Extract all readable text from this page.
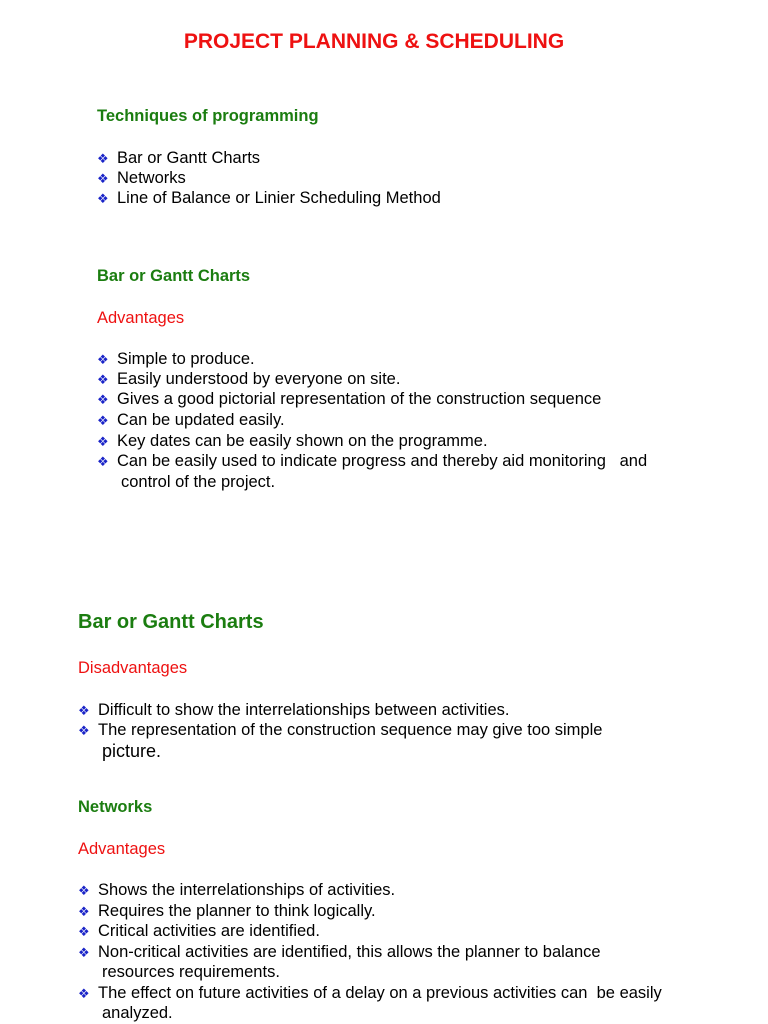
PROJECT PLANNING & SCHEDULING
Techniques of programming
❖ Bar or Gantt Charts
❖ Networks
❖ Line of Balance or Linier Scheduling Method
Bar or Gantt Charts
Advantages
❖ Simple to produce.
❖ Easily understood by everyone on site.
❖ Gives a good pictorial representation of the construction sequence
❖ Can be updated easily.
❖ Key dates can be easily shown on the programme.
❖ Can be easily used to indicate progress and thereby aid monitoring   and
control of the project.
Bar or Gantt Charts
Disadvantages
❖ Difficult to show the interrelationships between activities.
❖ The representation of the construction sequence may give too simple
picture.
Networks
Advantages
❖ Shows the interrelationships of activities.
❖ Requires the planner to think logically.
❖ Critical activities are identified.
❖ Non-critical activities are identified, this allows the planner to balance
resources requirements.
❖ The effect on future activities of a delay on a previous activities can  be easily
analyzed.
